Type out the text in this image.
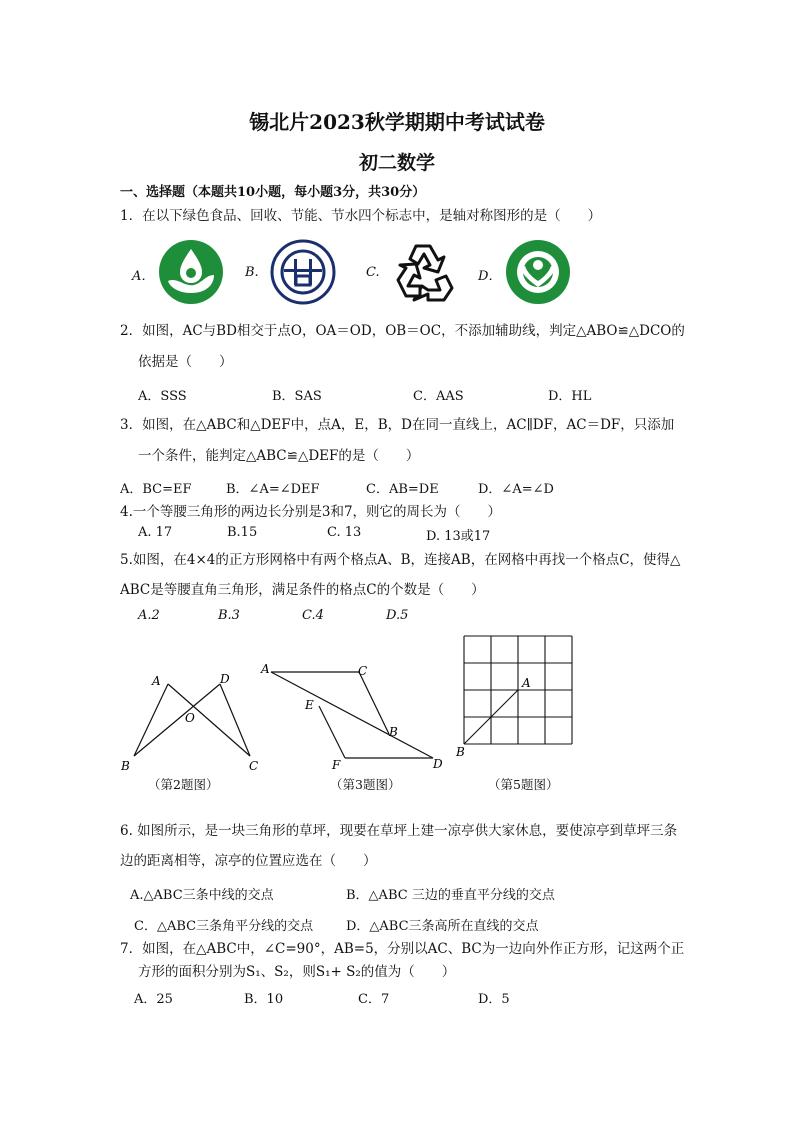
锡北片2023秋学期期中考试试卷
初二数学
一、选择题（本题共10小题，每小题3分，共30分）
1．在以下绿色食品、回收、节能、节水四个标志中，是轴对称图形的是（　　）
A．	B.	C.	D．
2．如图，AC与BD相交于点O，OA＝OD，OB＝OC，不添加辅助线，判定△ABO≌△DCO的
依据是（　　）
A．SSS	B．SAS	C．AAS	D．HL
3．如图，在△ABC和△DEF中，点A，E，B，D在同一直线上，AC∥DF，AC＝DF，只添加
一个条件，能判定△ABC≌△DEF的是（　　）
A．BC=EF	B．∠A=∠DEF	C．AB=DE	D．∠A=∠D
4.一个等腰三角形的两边长分别是3和7，则它的周长为（　　）
A. 17	B.15	C. 13	D. 13或17
5.如图，在4×4的正方形网格中有两个格点A、B，连接AB，在网格中再找一个格点C，使得△
ABC是等腰直角三角形，满足条件的格点C的个数是（　　）
A.2	B.3	C.4	D.5
A	D
O
B	C
（第2题图）
A	C
E
B
F	D
（第3题图）
A
B
（第5题图）
6. 如图所示，是一块三角形的草坪，现要在草坪上建一凉亭供大家休息，要使凉亭到草坪三条
边的距离相等，凉亭的位置应选在（　　）
A.△ABC三条中线的交点	B．△ABC 三边的垂直平分线的交点
C．△ABC三条角平分线的交点	D．△ABC三条高所在直线的交点
7．如图，在△ABC中，∠C=90°，AB=5，分别以AC、BC为一边向外作正方形，记这两个正
方形的面积分别为S₁、S₂，则S₁+ S₂的值为（　　）
A．25	B．10	C．7	D．5
